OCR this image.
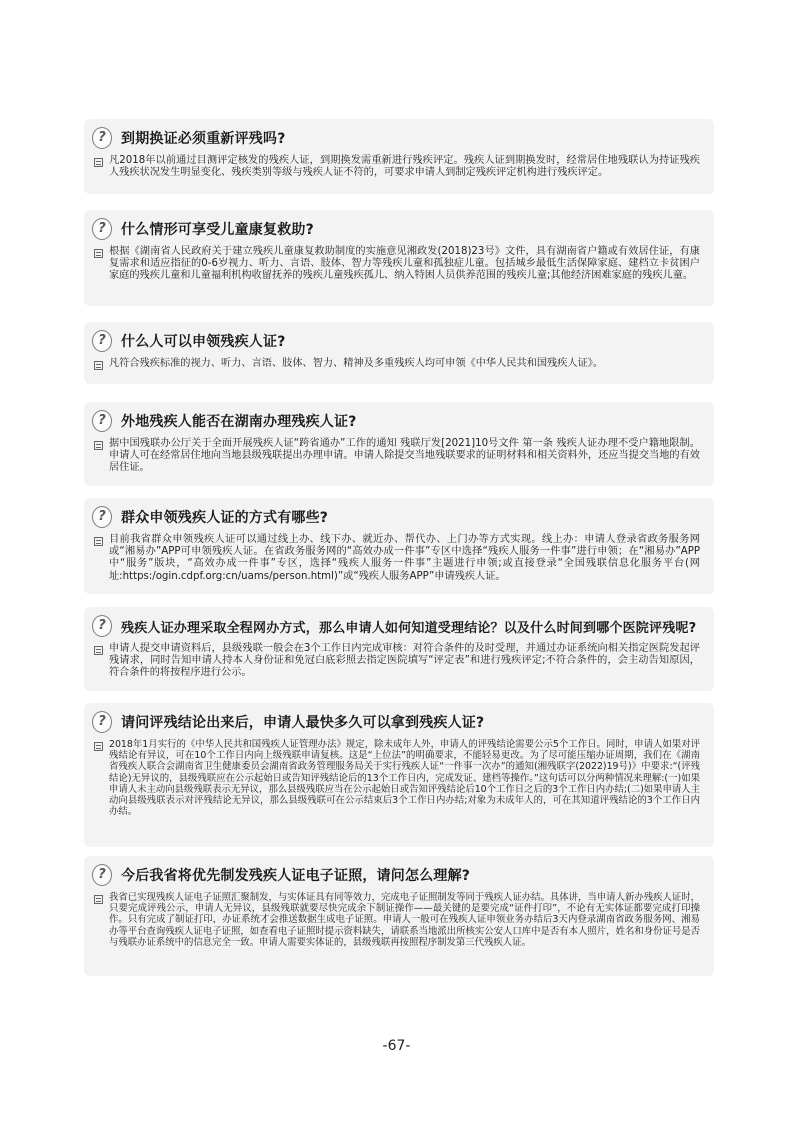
?	到期换证必须重新评残吗?
凡2018年以前通过目测评定核发的残疾人证，到期换发需重新进行残疾评定。残疾人证到期换发时，经常居住地残联认为持证残疾人残疾状况发生明显变化、残疾类别等级与残疾人证不符的，可要求申请人到制定残疾评定机构进行残疾评定。
?	什么情形可享受儿童康复救助?
根据《湖南省人民政府关于建立残疾儿童康复救助制度的实施意见湘政发(2018)23号》文件，具有湖南省户籍或有效居住证，有康复需求和适应指征的0-6岁视力、听力、言语、肢体、智力等残疾儿童和孤独症儿童。包括城乡最低生活保障家庭、建档立卡贫困户家庭的残疾儿童和儿童福利机构收留抚养的残疾儿童残疾孤儿、纳入特困人员供养范围的残疾儿童;其他经济困难家庭的残疾儿童。
?	什么人可以申领残疾人证?
凡符合残疾标准的视力、听力、言语、肢体、智力、精神及多重残疾人均可申领《中华人民共和国残疾人证》。
?	外地残疾人能否在湖南办理残疾人证?
据中国残联办公厅关于全面开展残疾人证“跨省通办”工作的通知 残联厅发[2021]10号文件 第一条 残疾人证办理不受户籍地限制。申请人可在经常居住地向当地县级残联提出办理申请。申请人除提交当地残联要求的证明材料和相关资料外，还应当提交当地的有效居住证。
?	群众申领残疾人证的方式有哪些?
目前我省群众申领残疾人证可以通过线上办、线下办、就近办、帮代办、上门办等方式实现。线上办：申请人登录省政务服务网或“湘易办”APP可申领残疾人证。在省政务服务网的“高效办成一件事”专区中选择“残疾人服务一件事”进行申领；在“湘易办”APP中“服务”版块，“高效办成一件事”专区，选择“残疾人服务一件事”主题进行申领;或直接登录“全国残联信息化服务平台(网址:https:/ogin.cdpf.org:cn/uams/person.html)”或“残疾人服务APP”申请残疾人证。
?	残疾人证办理采取全程网办方式，那么申请人如何知道受理结论？以及什么时间到哪个医院评残呢?
申请人提交申请资料后，县级残联一般会在3个工作日内完成审核：对符合条件的及时受理，并通过办证系统向相关指定医院发起评残请求，同时告知申请人持本人身份证和免冠白底彩照去指定医院填写“评定表”和进行残疾评定;不符合条件的，会主动告知原因，符合条件的将按程序进行公示。
?	请问评残结论出来后，申请人最快多久可以拿到残疾人证?
2018年1月实行的《中华人民共和国残疾人证管理办法》规定，除未成年人外，申请人的评残结论需要公示5个工作日。同时，申请人如果对评残结论有异议，可在10个工作日内向上级残联申请复核。这是“上位法”的明确要求，不能轻易更改。为了尽可能压缩办证周期，我们在《湖南省残疾人联合会湖南省卫生健康委员会湖南省政务管理服务局关于实行残疾人证“一件事一次办”的通知(湘残联字(2022)19号)》中要求:“(评残结论)无异议的，县级残联应在公示起始日或告知评残结论后的13个工作日内，完成发证、建档等操作。”这句话可以分两种情况来理解:(一)如果申请人未主动向县级残联表示无异议，那么县级残联应当在公示起始日或告知评残结论后10个工作日之后的3个工作日内办结;(二)如果申请人主动向县级残联表示对评残结论无异议，那么县级残联可在公示结束后3个工作日内办结;对象为未成年人的，可在其知道评残结论的3个工作日内办结。
?	今后我省将优先制发残疾人证电子证照，请问怎么理解?
我省已实现残疾人证电子证照汇聚制发，与实体证具有同等效力，完成电子证照制发等同于残疾人证办结。具体讲，当申请人新办残疾人证时，只要完成评残公示，申请人无异议，县级残联就要尽快完成余下制证操作——最关键的是要完成“证件打印”，不论有无实体证都要完成打印操作。只有完成了制证打印，办证系统才会推送数据生成电子证照。申请人一般可在残疾人证申领业务办结后3天内登录湖南省政务服务网、湘易办等平台查询残疾人证电子证照，如查看电子证照时提示资料缺失，请联系当地派出所核实公安人口库中是否有本人照片，姓名和身份证号是否与残联办证系统中的信息完全一致。申请人需要实体证的，县级残联再按照程序制发第三代残疾人证。
-67-
